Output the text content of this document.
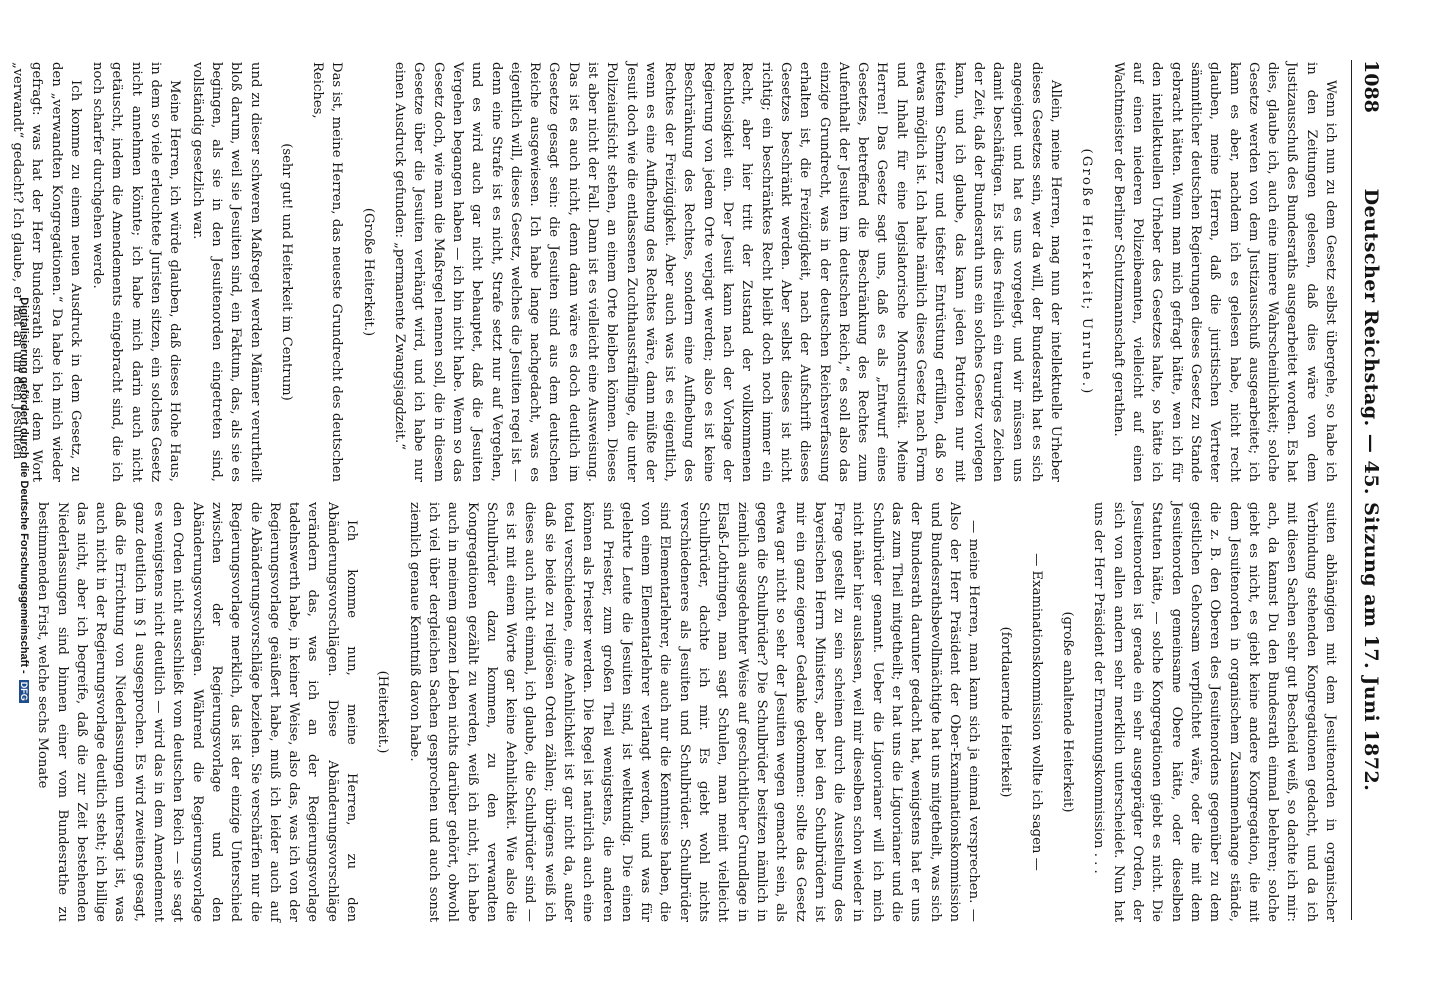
1088
Deutscher Reichstag. — 45. Sitzung am 17. Juni 1872.

Wenn ich nun zu dem Gesetz selbst übergehe, so habe ich in den Zeitungen gelesen, daß dies wäre von dem Justizausschuß des Bundesraths ausgearbeitet worden. Es hat dies, glaube ich, auch eine innere Wahrscheinlichkeit; solche Gesetze werden von dem Justizausschuß ausgearbeitet; ich kann es aber, nachdem ich es gelesen habe, nicht recht glauben, meine Herren, daß die juristischen Vertreter sämmtlicher deutschen Regierungen dieses Gesetz zu Stande gebracht hätten. Wenn man mich gefragt hätte, wen ich für den intellektuellen Urheber des Gesetzes halte, so hätte ich auf einen niederen Polizeibeamten, vielleicht auf einen Wachtmeister der Berliner Schutzmannschaft gerathen.

(Große Heiterkeit; Unruhe.)

Allein, meine Herren, mag nun der intellektuelle Urheber dieses Gesetzes sein, wer da will, der Bundesrath hat es sich angeeignet und hat es uns vorgelegt, und wir müssen uns damit beschäftigen. Es ist dies freilich ein trauriges Zeichen der Zeit, daß der Bundesrath uns ein solches Gesetz vorlegen kann, und ich glaube, das kann jeden Patrioten nur mit tiefstem Schmerz und tiefster Entrüstung erfüllen, daß so etwas möglich ist. Ich halte nämlich dieses Gesetz nach Form und Inhalt für eine legislatorische Monstruosität. Meine Herren! Das Gesetz sagt uns, daß es als „Entwurf eines Gesetzes, betreffend die Beschränkung des Rechtes zum Aufenthalt der Jesuiten im deutschen Reich,“ es soll also das einzige Grundrecht, was in der deutschen Reichsverfassung erhalten ist, die Freizügigkeit, nach der Aufschrift dieses Gesetzes beschränkt werden. Aber selbst dieses ist nicht richtig; ein beschränktes Recht bleibt doch noch immer ein Recht, aber hier tritt der Zustand der vollkommenen Rechtlosigkeit ein. Der Jesuit kann nach der Vorlage der Regierung von jedem Orte verjagt werden; also es ist keine Beschränkung des Rechtes, sondern eine Aufhebung des Rechtes der Freizügigkeit. Aber auch was ist es eigentlich, wenn es eine Aufhebung des Rechtes wäre, dann müßte der Jesuit doch wie die entlassenen Zuchthaussträflinge, die unter Polizeiaufsicht stehen, an einem Orte bleiben können. Dieses ist aber nicht der Fall. Dann ist es vielleicht eine Ausweisung. Das ist es auch nicht, denn dann wäre es doch deutlich im Gesetze gesagt sein: die Jesuiten sind aus dem deutschen Reiche ausgewiesen. Ich habe lange nachgedacht, was es eigentlich will, dieses Gesetz, welches die Jesuiten regel ist — denn eine Strafe ist es nicht, Strafe setzt nur auf Vergehen, und es wird auch gar nicht behauptet, daß die Jesuiten Vergehen begangen haben — ich bin nicht habe. Wenn so das Gesetz doch, wie man die Maßregel nennen soll, die in diesem Gesetze über die Jesuiten verhängt wird, und ich habe nur einen Ausdruck gefunden: „permanente Zwangsjagdzeit.“

(Große Heiterkeit.)

Das ist, meine Herren, das neueste Grundrecht des deutschen Reiches,

(sehr gut! und Heiterkeit im Centrum)

und zu dieser schweren Maßregel werden Männer verurtheilt bloß darum, weil sie Jesuiten sind, ein Faktum, das, als sie es begingen, als sie in den Jesuitenorden eingetreten sind, vollständig gesetzlich war.

Meine Herren, ich würde glauben, daß dieses Hohe Haus, in dem so viele erleuchtete Juristen sitzen, ein solches Gesetz nicht annehmen könnte; ich habe mich darin auch nicht getäuscht, indem die Amendements eingebracht sind, die ich noch scharfer durchgehen werde.

Ich komme zu einem neuen Ausdruck in dem Gesetz, zu den „verwandten Kongregationen.“ Da habe ich mich wieder gefragt: was hat der Herr Bundesrath sich bei dem Wort „verwandt“ gedacht? Ich glaube, er hat an um den Jesuiten

suiten abhängigen mit dem Jesuitenorden in organischer Verbindung stehenden Kongregationen gedacht, und da ich mit diesen Sachen sehr gut Bescheid weiß, so dachte ich mir: ach, da kannst Du den Bundesrath einmal belehren; solche giebt es nicht, es giebt keine andere Kongregation, die mit dem Jesuitenorden in organischem Zusammenhange stände, die z. B. den Oberen des Jesuitenordens gegenüber zu dem geistlichen Gehorsam verpflichtet wäre, oder die mit dem Jesuitenorden gemeinsame Obere hätte, oder dieselben Statuten hätte, — solche Kongregationen giebt es nicht. Die Jesuitenorden ist gerade ein sehr ausgeprägter Orden, der sich von allen andern sehr merklich unterscheidet. Nun hat uns der Herr Präsident der Ernennungskommission . . .

(große anhaltende Heiterkeit)

— Examinationskommission wollte ich sagen —

(fortdauernde Heiterkeit)

— meine Herren, man kann sich ja einmal versprechen. — Also der Herr Präsident der Ober-Examinationskommission und Bundesrathsbevollmächtigte hat uns mitgetheilt, was sich der Bundesrath darunter gedacht hat, wenigstens hat er uns das zum Theil mitgetheilt; er hat uns die Liguorianer und die Schulbrüder genannt. Ueber die Liguorianer will ich mich nicht näher hier auslassen, weil mir dieselben schon wieder in Frage gestellt zu sein scheinen durch die Ausstellung des bayerischen Herrn Ministers, aber bei den Schulbrüdern ist mir ein ganz eigener Gedanke gekommen: sollte das Gesetz etwa gar nicht so sehr der Jesuiten wegen gemacht sein, als gegen die Schulbrüder? Die Schulbrüder besitzen nämlich in ziemlich ausgedehnter Weise auf geschichtlicher Grundlage in Elsaß-Lothringen, man sagt Schulen, man meint vielleicht Schulbrüder, dachte ich mir. Es giebt wohl nichts verschiedeneres als Jesuiten und Schulbrüder. Schulbrüder sind Elementarlehrer, die auch nur die Kenntnisse haben, die von einem Elementarlehrer verlangt werden, und was für gelehrte Leute die Jesuiten sind, ist weltkundig. Die einen sind Priester, zum großen Theil wenigstens, die anderen können als Priester werden. Die Regel ist natürlich auch eine total verschiedene, eine Aehnlichkeit ist gar nicht da, außer daß sie beide zu religiösen Orden zählen; übrigens weiß ich dieses auch nicht einmal, ich glaube, die Schulbrüder sind — es ist mit einem Worte gar keine Aehnlichkeit. Wie also die Schulbrüder dazu kommen, zu den verwandten Kongregationen gezählt zu werden, weiß ich nicht, ich habe auch in meinem ganzen Leben nichts darüber gehört, obwohl ich viel über dergleichen Sachen gesprochen und auch sonst ziemlich genaue Kenntniß davon habe.

(Heiterkeit.)

Ich komme nun, meine Herren, zu den Abänderungsvorschlägen. Diese Abänderungsvorschläge verändern das, was ich an der Regierungsvorlage tadelnswerth habe, in keiner Weise, also das, was ich von der Regierungsvorlage geäußert habe, muß ich leider auch auf die Abänderungsvorschläge beziehen. Sie verschärfen nur die Regierungsvorlage merklich, das ist der einzige Unterschied zwischen der Regierungsvorlage und den Abänderungsvorschlägen. Während die Regierungsvorlage den Orden nicht ausschließt vom deutschen Reich — sie sagt es wenigstens nicht deutlich — wird das in dem Amendement ganz deutlich im § 1 ausgesprochen. Es wird zweitens gesagt, daß die Errichtung von Niederlassungen untersagt ist, was auch nicht in der Regierungsvorlage deutlich steht; ich billige das nicht, aber ich begreife, daß die zur Zeit bestehenden Niederlassungen sind binnen einer vom Bundesrathe zu bestimmenden Frist, welche sechs Monate

Digitalisierung gefördert durch die Deutsche Forschungsgemeinschaft - DFG
